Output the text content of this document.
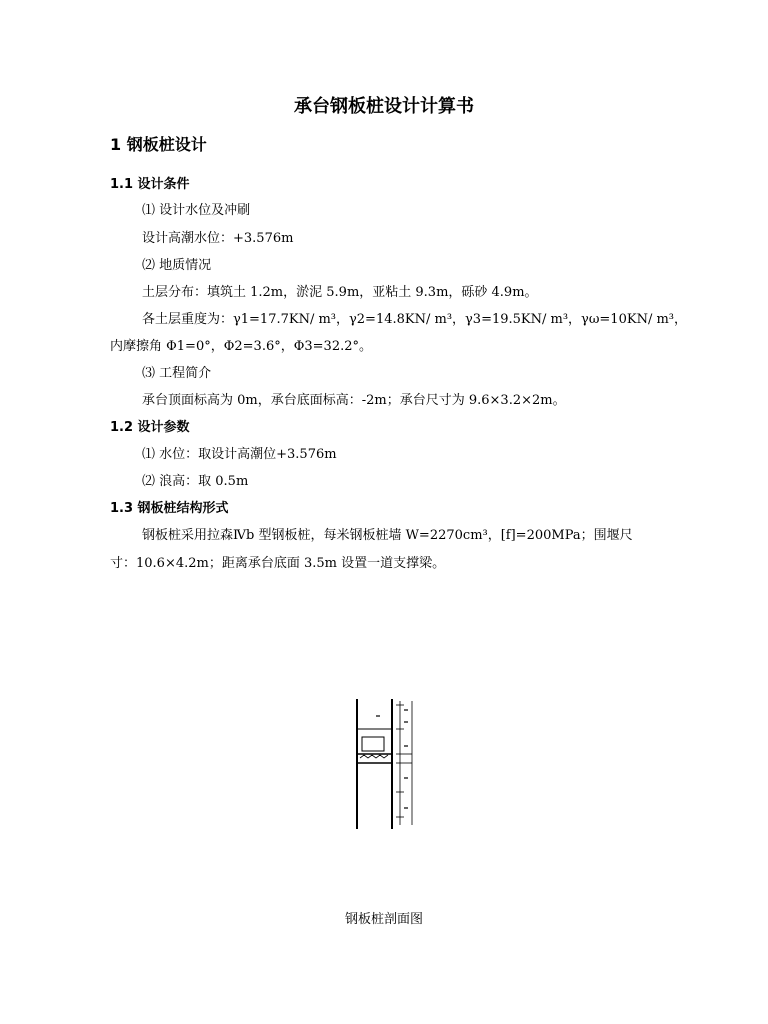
承台钢板桩设计计算书
1 钢板桩设计
1.1 设计条件
⑴ 设计水位及冲刷
设计高潮水位：+3.576m
⑵ 地质情况
土层分布：填筑土 1.2m，淤泥 5.9m，亚粘土 9.3m，砾砂 4.9m。
各土层重度为：γ1=17.7KN/ m³，γ2=14.8KN/ m³，γ3=19.5KN/ m³，γω=10KN/ m³，
内摩擦角 Φ1=0°，Φ2=3.6°，Φ3=32.2°。
⑶ 工程简介
承台顶面标高为 0m，承台底面标高：-2m；承台尺寸为 9.6×3.2×2m。
1.2 设计参数
⑴ 水位：取设计高潮位+3.576m
⑵ 浪高：取 0.5m
1.3 钢板桩结构形式
钢板桩采用拉森Ⅳb 型钢板桩，每米钢板桩墙 W=2270cm³，[f]=200MPa；围堰尺
寸：10.6×4.2m；距离承台底面 3.5m 设置一道支撑梁。
钢板桩剖面图
